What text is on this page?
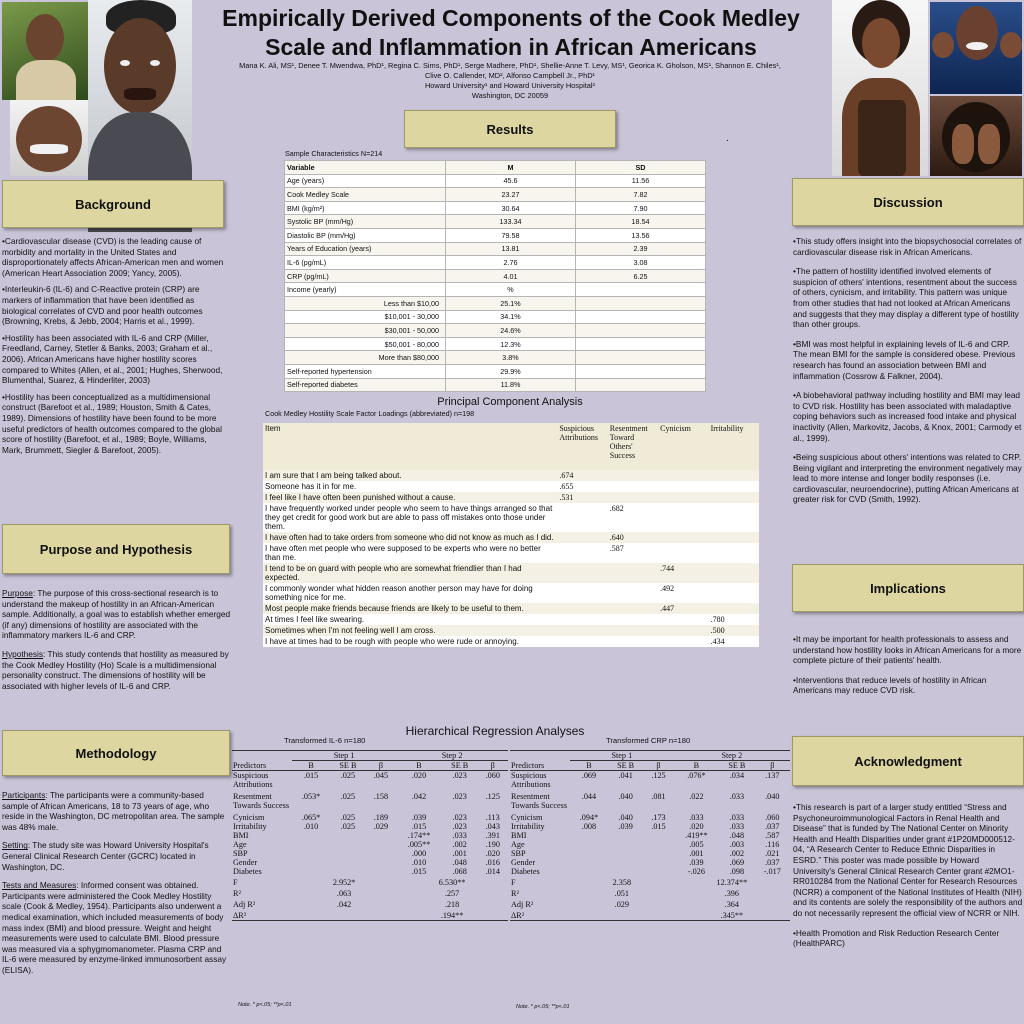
Empirically Derived Components of the Cook Medley Scale and Inflammation in African Americans
Mana K. Ali, MS¹, Denee T. Mwendwa, PhD¹, Regina C. Sims, PhD¹, Serge Madhere, PhD¹, Shellie-Anne T. Levy, MS¹, Georica K. Gholson, MS¹, Shannon E. Chiles¹,
Clive O. Callender, MD², Alfonso Campbell Jr., PhD¹
Howard University¹ and Howard University Hospital²
Washington, DC 20059
.
Background

•Cardiovascular disease (CVD) is the leading cause of morbidity and mortality in the United States and disproportionately affects African-American men and women (American Heart Association 2009; Yancy, 2005).

•Interleukin-6 (IL-6) and C-Reactive protein (CRP) are markers of inflammation that have been identified as biological correlates of CVD and poor health outcomes (Browning, Krebs, & Jebb, 2004; Harris et al., 1999).

•Hostility has been associated with IL-6 and CRP (Miller, Freedland, Carney, Stetler & Banks, 2003; Graham et al., 2006). African Americans have higher hostility scores compared to Whites (Allen, et al., 2001; Hughes, Sherwood, Blumenthal, Suarez, & Hinderliter, 2003)

•Hostility has been conceptualized as a multidimensional construct (Barefoot et al., 1989; Houston, Smith & Cates, 1989). Dimensions of hostility have been found to be more useful predictors of health outcomes compared to the global score of hostility (Barefoot, et al., 1989; Boyle, Williams, Mark, Brummett, Siegler & Barefoot, 2005).

Purpose and Hypothesis

Purpose: The purpose of this cross-sectional research is to understand the makeup of hostility in an African-American sample. Additionally, a goal was to establish whether emerged (if any) dimensions of hostility are associated with the inflammatory markers IL-6 and CRP.

Hypothesis: This study contends that hostility as measured by the Cook Medley Hostility (Ho) Scale is a multidimensional personality construct. The dimensions of hostility will be associated with higher levels of IL-6 and CRP.

Methodology

Participants: The participants were a community-based sample of African Americans, 18 to 73 years of age, who reside in the Washington, DC metropolitan area. The sample was 48% male.

Setting: The study site was Howard University Hospital's General Clinical Research Center (GCRC) located in Washington, DC.

Tests and Measures: Informed consent was obtained. Participants were administered the Cook Medley Hostility scale (Cook & Medley, 1954). Participants also underwent a medical examination, which included measurements of body mass index (BMI) and blood pressure. Weight and height measurements were used to calculate BMI. Blood pressure was measured via a sphygmomanometer. Plasma CRP and IL-6 were measured by enzyme-linked immunosorbent assay (ELISA).

Results
Sample Characteristics N=214
Variable	M	SD
Age (years)	45.6	11.56
Cook Medley Scale	23.27	7.82
BMI (kg/m²)	30.64	7.90
Systolic BP (mm/Hg)	133.34	18.54
Diastolic BP (mm/Hg)	79.58	13.56
Years of Education (years)	13.81	2.39
IL-6 (pg/mL)	2.76	3.08
CRP (pg/mL)	4.01	6.25
Income (yearly)	%	
Less than $10,00	25.1%	
$10,001 - 30,000	34.1%	
$30,001 - 50,000	24.6%	
$50,001 - 80,000	12.3%	
More than $80,000	3.8%	
Self-reported hypertension	29.9%	
Self-reported diabetes	11.8%	
Principal Component Analysis
Cook Medley Hostility Scale Factor Loadings (abbreviated) n=198
Item	Suspicious Attributions	Resentment Toward Others' Success	Cynicism	Irritability
I am sure that I am being talked about.	.674			
Someone has it in for me.	.655			
I feel like I have often been punished without a cause.	.531			
I have frequently worked under people who seem to have things arranged so that they get credit for good work but are able to pass off mistakes onto those under them.		.682		
I have often had to take orders from someone who did not know as much as I did.		.640		
I have often met people who were supposed to be experts who were no better than me.		.587		
I tend to be on guard with people who are somewhat friendlier than I had expected.			.744	
I commonly wonder what hidden reason another person may have for doing something nice for me.			.492	
Most people make friends because friends are likely to be useful to them.			.447	
At times I feel like swearing.				.780
Sometimes when I'm not feeling well I am cross.				.500
I have at times had to be rough with people who were rude or annoying.				.434
Hierarchical Regression Analyses
Transformed IL-6 n=180	Transformed CRP n=180
	Step 1			Step 2		
Predictors	B	SE B	β	B	SE B	β
Suspicious Attributions	.015	.025	.045	.020	.023	.060
Resentment Towards Success	.053*	.025	.158	.042	.023	.125
Cynicism	.065*	.025	.189	.039	.023	.113
Irritability	.010	.025	.029	.015	.023	.043
BMI				.174**	.033	.391
Age				.005**	.002	.190
SBP				.000	.001	.020
Gender				.010	.048	.016
Diabetes				.015	.068	.014
F	2.952*			6.530**		
R²	.063			.257		
Adj R²	.042			.218		
ΔR²				.194**		
Note. * p<.05; **p<.01
	Step 1			Step 2		
Predictors	B	SE B	β	B	SE B	β
Suspicious Attributions	.069	.041	.125	.076*	.034	.137
Resentment Towards Success	.044	.040	.081	.022	.033	.040
Cynicism	.094*	.040	.173	.033	.033	.060
Irritability	.008	.039	.015	.020	.033	.037
BMI				.419**	.048	.587
Age				.005	.003	.116
SBP				.001	.002	.021
Gender				.039	.069	.037
Diabetes				-.026	.098	-.017
F	2.358			12.374**		
R²	.051			.396		
Adj R²	.029			.364		
ΔR²				.345**		
Note. * p<.05; **p<.01
Discussion

•This study offers insight into the biopsychosocial correlates of cardiovascular disease risk in African Americans.

•The pattern of hostility identified involved elements of suspicion of others' intentions, resentment about the success of others, cynicism, and irritability. This pattern was unique from other studies that had not looked at African Americans and suggests that they may display a different type of hostility than other groups.

•BMI was most helpful in explaining levels of IL-6 and CRP. The mean BMI for the sample is considered obese. Previous research has found an association between BMI and inflammation (Cossrow & Falkner, 2004).

•A biobehavioral pathway including hostility and BMI may lead to CVD risk. Hostility has been associated with maladaptive coping behaviors such as increased food intake and physical inactivity (Allen, Markovitz, Jacobs, & Knox, 2001; Carmody et al., 1999).

•Being suspicious about others' intentions was related to CRP. Being vigilant and interpreting the environment negatively may lead to more intense and longer bodily responses (i.e. cardiovascular, neuroendocrine), putting African Americans at greater risk for CVD (Smith, 1992).

Implications

•It may be important for health professionals to assess and understand how hostility looks in African Americans for a more complete picture of their patients' health.

•Interventions that reduce levels of hostility in African Americans may reduce CVD risk.

Acknowledgment

•This research is part of a larger study entitled “Stress and Psychoneuroimmunological Factors in Renal Health and Disease” that is funded by The National Center on Minority Health and Health Disparities under grant #1P20MD000512-04, “A Research Center to Reduce Ethnic Disparities in ESRD.” This poster was made possible by Howard University's General Clinical Research Center grant #2MO1-RR010284 from the National Center for Research Resources (NCRR) a component of the National Institutes of Health (NIH) and its contents are solely the responsibility of the authors and do not necessarily represent the official view of NCRR or NIH.

•Health Promotion and Risk Reduction Research Center (HealthPARC)
